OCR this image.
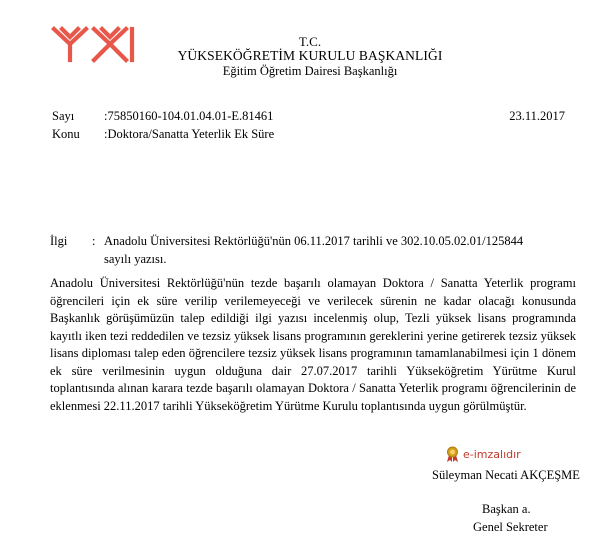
T.C.
YÜKSEKÖĞRETİM KURULU BAŞKANLIĞI
Eğitim Öğretim Dairesi Başkanlığı
Sayı :75850160-104.01.04.01-E.81461	23.11.2017
Konu :Doktora/Sanatta Yeterlik Ek Süre
İlgi : Anadolu Üniversitesi Rektörlüğü'nün 06.11.2017 tarihli ve 302.10.05.02.01/125844
sayılı yazısı.
Anadolu Üniversitesi Rektörlüğü'nün tezde başarılı olamayan Doktora / Sanatta Yeterlik programı öğrencileri için ek süre verilip verilemeyeceği ve verilecek sürenin ne kadar olacağı konusunda Başkanlık görüşümüzün talep edildiği ilgi yazısı incelenmiş olup, Tezli yüksek lisans programında kayıtlı iken tezi reddedilen ve tezsiz yüksek lisans programının gereklerini yerine getirerek tezsiz yüksek lisans diploması talep eden öğrencilere tezsiz yüksek lisans programının tamamlanabilmesi için 1 dönem ek süre verilmesinin uygun olduğuna dair 27.07.2017 tarihli Yükseköğretim Yürütme Kurul toplantısında alınan karara tezde başarılı olamayan Doktora / Sanatta Yeterlik programı öğrencilerinin de eklenmesi 22.11.2017 tarihli Yükseköğretim Yürütme Kurulu toplantısında uygun görülmüştür.
e-imzalıdır
Süleyman Necati AKÇEŞME
Başkan a.
Genel Sekreter
